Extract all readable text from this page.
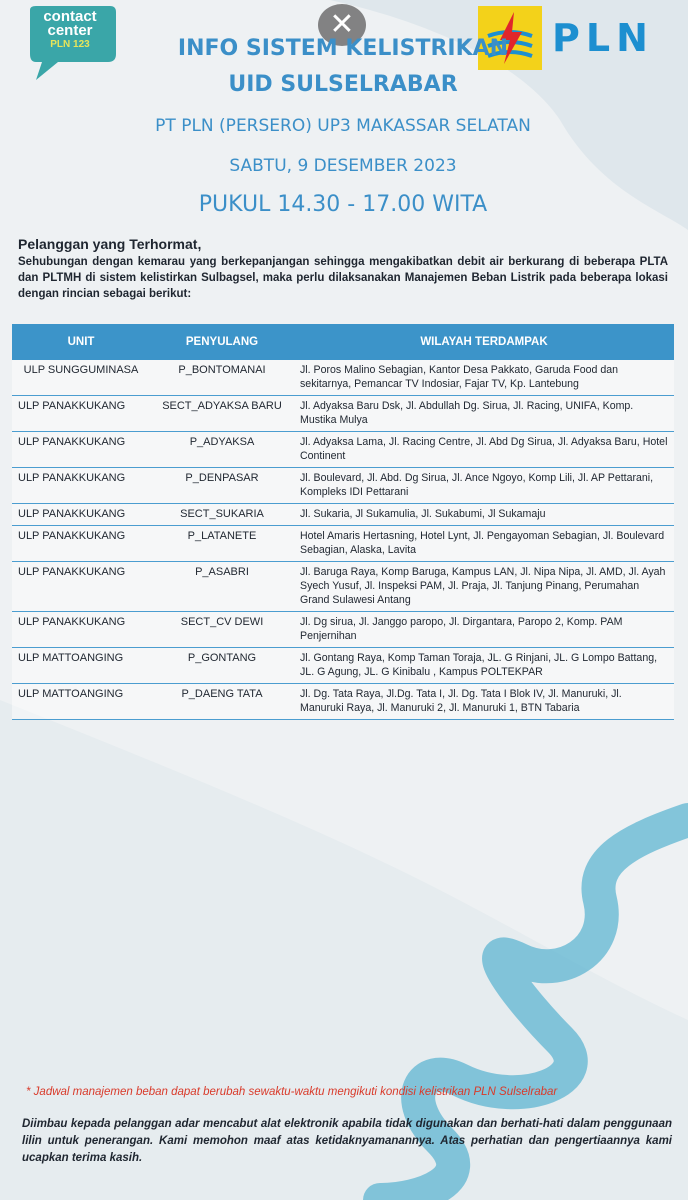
contact
center
PLN 123
✕	PLN
INFO SISTEM KELISTRIKAN
UID SULSELRABAR
PT PLN (PERSERO) UP3 MAKASSAR SELATAN
SABTU, 9 DESEMBER 2023
PUKUL 14.30 - 17.00 WITA
Pelanggan yang Terhormat,
Sehubungan dengan kemarau yang berkepanjangan sehingga mengakibatkan debit air berkurang di beberapa PLTA dan PLTMH di sistem kelistirkan Sulbagsel, maka perlu dilaksanakan Manajemen Beban Listrik pada beberapa lokasi dengan rincian sebagai berikut:
UNIT	PENYULANG	WILAYAH TERDAMPAK
ULP SUNGGUMINASA	P_BONTOMANAI	Jl. Poros Malino Sebagian, Kantor Desa Pakkato, Garuda Food dan sekitarnya, Pemancar TV Indosiar, Fajar TV, Kp. Lantebung
ULP PANAKKUKANG	SECT_ADYAKSA BARU	Jl. Adyaksa Baru Dsk, Jl. Abdullah Dg. Sirua, Jl. Racing, UNIFA, Komp. Mustika Mulya
ULP PANAKKUKANG	P_ADYAKSA	Jl. Adyaksa Lama, Jl. Racing Centre, Jl. Abd Dg Sirua, Jl. Adyaksa Baru, Hotel Continent
ULP PANAKKUKANG	P_DENPASAR	Jl. Boulevard, Jl. Abd. Dg Sirua, Jl. Ance Ngoyo, Komp Lili, Jl. AP Pettarani, Kompleks IDI Pettarani
ULP PANAKKUKANG	SECT_SUKARIA	Jl. Sukaria, Jl Sukamulia, Jl. Sukabumi, Jl Sukamaju
ULP PANAKKUKANG	P_LATANETE	Hotel Amaris Hertasning, Hotel Lynt, Jl. Pengayoman Sebagian, Jl. Boulevard Sebagian, Alaska, Lavita
ULP PANAKKUKANG	P_ASABRI	Jl. Baruga Raya, Komp Baruga, Kampus LAN, Jl. Nipa Nipa, Jl. AMD, Jl. Ayah Syech Yusuf, Jl. Inspeksi PAM, Jl. Praja, Jl. Tanjung Pinang, Perumahan Grand Sulawesi Antang
ULP PANAKKUKANG	SECT_CV DEWI	Jl. Dg sirua, Jl. Janggo paropo, Jl. Dirgantara, Paropo 2, Komp. PAM Penjernihan
ULP MATTOANGING	P_GONTANG	Jl. Gontang Raya, Komp Taman Toraja, JL. G Rinjani, JL. G Lompo Battang, JL. G Agung, JL. G Kinibalu , Kampus POLTEKPAR
ULP MATTOANGING	P_DAENG TATA	Jl. Dg. Tata Raya, Jl.Dg. Tata I, Jl. Dg. Tata I Blok IV, Jl. Manuruki, Jl. Manuruki Raya, Jl. Manuruki 2, Jl. Manuruki 1, BTN Tabaria
* Jadwal manajemen beban dapat berubah sewaktu-waktu mengikuti kondisi kelistrikan PLN Sulselrabar
Diimbau kepada pelanggan adar mencabut alat elektronik apabila tidak digunakan dan berhati-hati dalam penggunaan lilin untuk penerangan. Kami memohon maaf atas ketidaknyamanannya. Atas perhatian dan pengertiaannya kami ucapkan terima kasih.
